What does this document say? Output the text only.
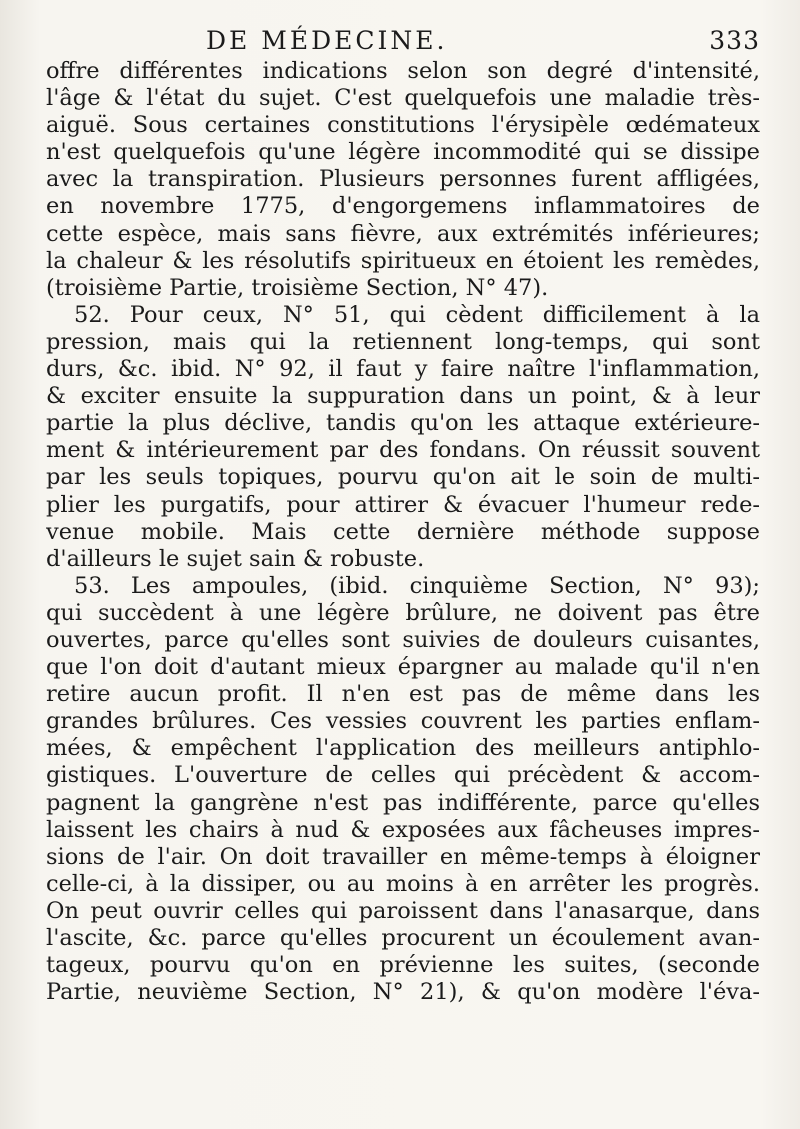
DE MÉDECINE.	333
offre différentes indications selon son degré d'intensité,
l'âge & l'état du sujet. C'est quelquefois une maladie très-
aiguë. Sous certaines constitutions l'érysipèle œdémateux
n'est quelquefois qu'une légère incommodité qui se dissipe
avec la transpiration. Plusieurs personnes furent affligées,
en novembre 1775, d'engorgemens inflammatoires de
cette espèce, mais sans fièvre, aux extrémités inférieures;
la chaleur & les résolutifs spiritueux en étoient les remèdes,
(troisième Partie, troisième Section, N° 47).
52. Pour ceux, N° 51, qui cèdent difficilement à la
pression, mais qui la retiennent long-temps, qui sont
durs, &c. ibid. N° 92, il faut y faire naître l'inflammation,
& exciter ensuite la suppuration dans un point, & à leur
partie la plus déclive, tandis qu'on les attaque extérieure-
ment & intérieurement par des fondans. On réussit souvent
par les seuls topiques, pourvu qu'on ait le soin de multi-
plier les purgatifs, pour attirer & évacuer l'humeur rede-
venue mobile. Mais cette dernière méthode suppose
d'ailleurs le sujet sain & robuste.
53. Les ampoules, (ibid. cinquième Section, N° 93);
qui succèdent à une légère brûlure, ne doivent pas être
ouvertes, parce qu'elles sont suivies de douleurs cuisantes,
que l'on doit d'autant mieux épargner au malade qu'il n'en
retire aucun profit. Il n'en est pas de même dans les
grandes brûlures. Ces vessies couvrent les parties enflam-
mées, & empêchent l'application des meilleurs antiphlo-
gistiques. L'ouverture de celles qui précèdent & accom-
pagnent la gangrène n'est pas indifférente, parce qu'elles
laissent les chairs à nud & exposées aux fâcheuses impres-
sions de l'air. On doit travailler en même-temps à éloigner
celle-ci, à la dissiper, ou au moins à en arrêter les progrès.
On peut ouvrir celles qui paroissent dans l'anasarque, dans
l'ascite, &c. parce qu'elles procurent un écoulement avan-
tageux, pourvu qu'on en prévienne les suites, (seconde
Partie, neuvième Section, N° 21), & qu'on modère l'éva-
